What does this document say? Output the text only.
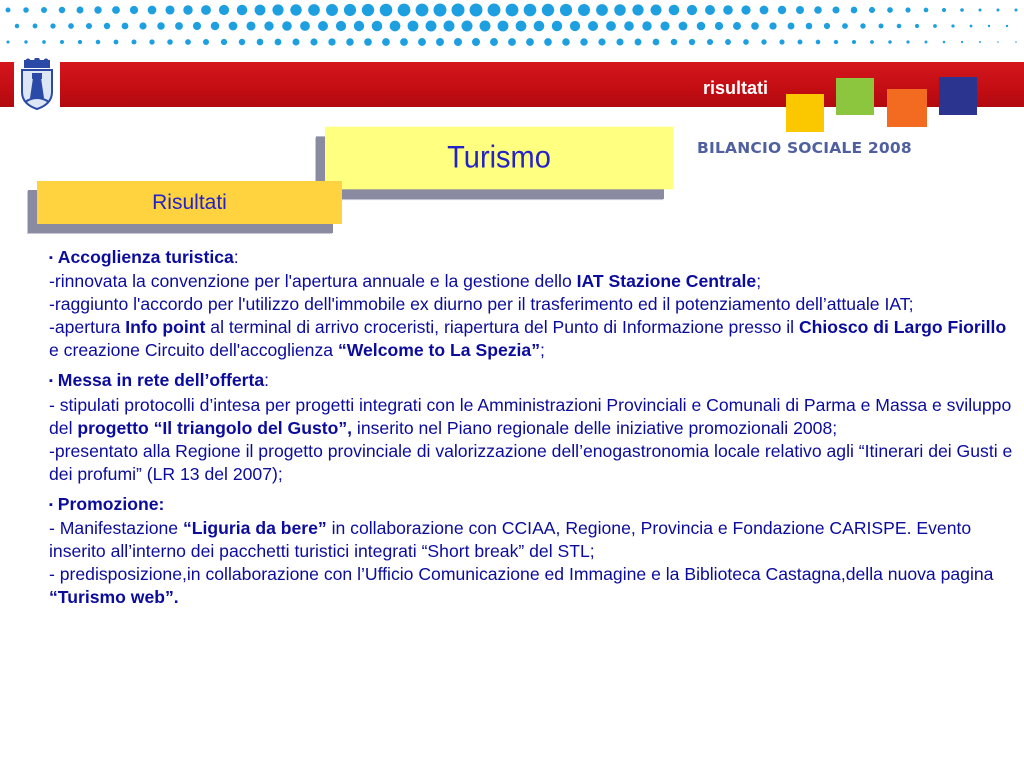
risultati
BILANCIO SOCIALE 2008
Turismo
Risultati

▪ Accoglienza turistica:

-rinnovata la convenzione per l'apertura annuale e la gestione dello IAT Stazione Centrale;

-raggiunto l'accordo per l'utilizzo dell'immobile ex diurno per il trasferimento ed il potenziamento dell’attuale IAT;

-apertura Info point al terminal di arrivo croceristi, riapertura del Punto di Informazione presso il Chiosco di Largo Fiorillo e creazione Circuito dell'accoglienza “Welcome to La Spezia”;

▪ Messa in rete dell’offerta:

- stipulati protocolli d’intesa per progetti integrati con le Amministrazioni Provinciali e Comunali di Parma e Massa e sviluppo del progetto “Il triangolo del Gusto”, inserito nel Piano regionale delle iniziative promozionali 2008;

-presentato alla Regione il progetto provinciale di valorizzazione dell’enogastronomia locale relativo agli “Itinerari dei Gusti e dei profumi” (LR 13 del 2007);

▪ Promozione:

- Manifestazione “Liguria da bere” in collaborazione con CCIAA, Regione, Provincia e Fondazione CARISPE. Evento inserito all’interno dei pacchetti turistici integrati “Short break” del STL;

- predisposizione,in collaborazione con l’Ufficio Comunicazione ed Immagine e la Biblioteca Castagna,della nuova pagina “Turismo web”.
